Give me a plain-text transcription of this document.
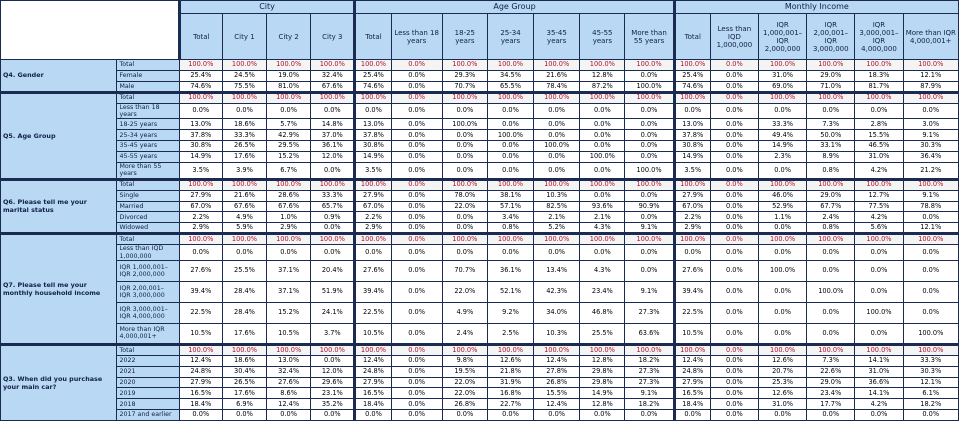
		City				Age Group							Monthly Income					
		Total	City 1	City 2	City 3	Total	Less than 18 years	18-25 years	25-34 years	35-45 years	45-55 years	More than 55 years	Total	Less than IQD 1,000,000	IQR 1,000,001–IQR 2,000,000	IQR 2,00,001–IQR 3,000,000	IQR 3,000,001–IQR 4,000,000	More than IQR 4,000,001+
Q4. Gender	Total	100.0%	100.0%	100.0%	100.0%	100.0%	0.0%	100.0%	100.0%	100.0%	100.0%	100.0%	100.0%	0.0%	100.0%	100.0%	100.0%	100.0%
	Female	25.4%	24.5%	19.0%	32.4%	25.4%	0.0%	29.3%	34.5%	21.6%	12.8%	0.0%	25.4%	0.0%	31.0%	29.0%	18.3%	12.1%
	Male	74.6%	75.5%	81.0%	67.6%	74.6%	0.0%	70.7%	65.5%	78.4%	87.2%	100.0%	74.6%	0.0%	69.0%	71.0%	81.7%	87.9%
Q5. Age Group	Total	100.0%	100.0%	100.0%	100.0%	100.0%	0.0%	100.0%	100.0%	100.0%	100.0%	100.0%	100.0%	0.0%	100.0%	100.0%	100.0%	100.0%
	Less than 18 years	0.0%	0.0%	0.0%	0.0%	0.0%	0.0%	0.0%	0.0%	0.0%	0.0%	0.0%	0.0%	0.0%	0.0%	0.0%	0.0%	0.0%
	18-25 years	13.0%	18.6%	5.7%	14.8%	13.0%	0.0%	100.0%	0.0%	0.0%	0.0%	0.0%	13.0%	0.0%	33.3%	7.3%	2.8%	3.0%
	25-34 years	37.8%	33.3%	42.9%	37.0%	37.8%	0.0%	0.0%	100.0%	0.0%	0.0%	0.0%	37.8%	0.0%	49.4%	50.0%	15.5%	9.1%
	35-45 years	30.8%	26.5%	29.5%	36.1%	30.8%	0.0%	0.0%	0.0%	100.0%	0.0%	0.0%	30.8%	0.0%	14.9%	33.1%	46.5%	30.3%
	45-55 years	14.9%	17.6%	15.2%	12.0%	14.9%	0.0%	0.0%	0.0%	0.0%	100.0%	0.0%	14.9%	0.0%	2.3%	8.9%	31.0%	36.4%
	More than 55 years	3.5%	3.9%	6.7%	0.0%	3.5%	0.0%	0.0%	0.0%	0.0%	0.0%	100.0%	3.5%	0.0%	0.0%	0.8%	4.2%	21.2%
Q6. Please tell me your marital status	Total	100.0%	100.0%	100.0%	100.0%	100.0%	0.0%	100.0%	100.0%	100.0%	100.0%	100.0%	100.0%	0.0%	100.0%	100.0%	100.0%	100.0%
	Single	27.9%	21.6%	28.6%	33.3%	27.9%	0.0%	78.0%	38.1%	10.3%	0.0%	0.0%	27.9%	0.0%	46.0%	29.0%	12.7%	9.1%
	Married	67.0%	67.6%	67.6%	65.7%	67.0%	0.0%	22.0%	57.1%	82.5%	93.6%	90.9%	67.0%	0.0%	52.9%	67.7%	77.5%	78.8%
	Divorced	2.2%	4.9%	1.0%	0.9%	2.2%	0.0%	0.0%	3.4%	2.1%	2.1%	0.0%	2.2%	0.0%	1.1%	2.4%	4.2%	0.0%
	Widowed	2.9%	5.9%	2.9%	0.0%	2.9%	0.0%	0.0%	0.8%	5.2%	4.3%	9.1%	2.9%	0.0%	0.0%	0.8%	5.6%	12.1%
Q7. Please tell me your monthly household income	Total	100.0%	100.0%	100.0%	100.0%	100.0%	0.0%	100.0%	100.0%	100.0%	100.0%	100.0%	100.0%	0.0%	100.0%	100.0%	100.0%	100.0%
	Less than IQD 1,000,000	0.0%	0.0%	0.0%	0.0%	0.0%	0.0%	0.0%	0.0%	0.0%	0.0%	0.0%	0.0%	0.0%	0.0%	0.0%	0.0%	0.0%
	IQR 1,000,001– IQR 2,000,000	27.6%	25.5%	37.1%	20.4%	27.6%	0.0%	70.7%	36.1%	13.4%	4.3%	0.0%	27.6%	0.0%	100.0%	0.0%	0.0%	0.0%
	IQR 2,00,001– IQR 3,000,000	39.4%	28.4%	37.1%	51.9%	39.4%	0.0%	22.0%	52.1%	42.3%	23.4%	9.1%	39.4%	0.0%	0.0%	100.0%	0.0%	0.0%
	IQR 3,000,001– IQR 4,000,000	22.5%	28.4%	15.2%	24.1%	22.5%	0.0%	4.9%	9.2%	34.0%	46.8%	27.3%	22.5%	0.0%	0.0%	0.0%	100.0%	0.0%
	More than IQR 4,000,001+	10.5%	17.6%	10.5%	3.7%	10.5%	0.0%	2.4%	2.5%	10.3%	25.5%	63.6%	10.5%	0.0%	0.0%	0.0%	0.0%	100.0%
Q3. When did you purchase your main car?	Total	100.0%	100.0%	100.0%	100.0%	100.0%	0.0%	100.0%	100.0%	100.0%	100.0%	100.0%	100.0%	0.0%	100.0%	100.0%	100.0%	100.0%
	2022	12.4%	18.6%	13.0%	0.0%	12.4%	0.0%	9.8%	12.6%	12.4%	12.8%	18.2%	12.4%	0.0%	12.6%	7.3%	14.1%	33.3%
	2021	24.8%	30.4%	32.4%	12.0%	24.8%	0.0%	19.5%	21.8%	27.8%	29.8%	27.3%	24.8%	0.0%	20.7%	22.6%	31.0%	30.3%
	2020	27.9%	26.5%	27.6%	29.6%	27.9%	0.0%	22.0%	31.9%	26.8%	29.8%	27.3%	27.9%	0.0%	25.3%	29.0%	36.6%	12.1%
	2019	16.5%	17.6%	8.6%	23.1%	16.5%	0.0%	22.0%	16.8%	15.5%	14.9%	9.1%	16.5%	0.0%	12.6%	23.4%	14.1%	6.1%
	2018	18.4%	6.9%	12.4%	35.2%	18.4%	0.0%	26.8%	22.7%	12.4%	12.8%	18.2%	18.4%	0.0%	31.0%	17.7%	4.2%	18.2%
	2017 and earlier	0.0%	0.0%	0.0%	0.0%	0.0%	0.0%	0.0%	0.0%	0.0%	0.0%	0.0%	0.0%	0.0%	0.0%	0.0%	0.0%	0.0%
